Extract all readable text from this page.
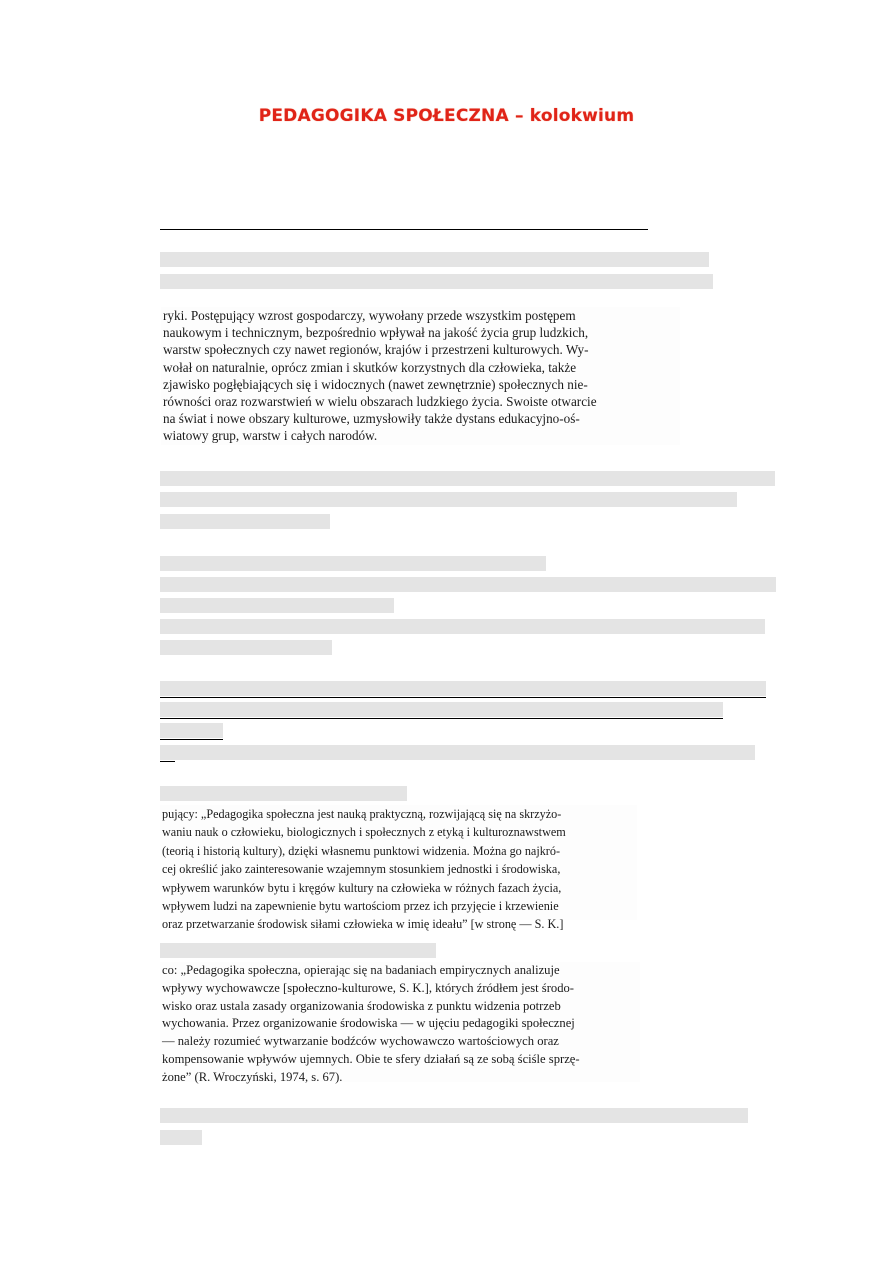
PEDAGOGIKA SPOŁECZNA – kolokwium

ryki. Postępujący wzrost gospodarczy, wywołany przede wszystkim postępem

naukowym i technicznym, bezpośrednio wpływał na jakość życia grup ludzkich,

warstw społecznych czy nawet regionów, krajów i przestrzeni kulturowych. Wy-

wołał on naturalnie, oprócz zmian i skutków korzystnych dla człowieka, także

zjawisko pogłębiających się i widocznych (nawet zewnętrznie) społecznych nie-

równości oraz rozwarstwień w wielu obszarach ludzkiego życia. Swoiste otwarcie

na świat i nowe obszary kulturowe, uzmysłowiły także dystans edukacyjno-oś-

wiatowy grup, warstw i całych narodów.

pujący: „Pedagogika społeczna jest nauką praktyczną, rozwijającą się na skrzyżo-

waniu nauk o człowieku, biologicznych i społecznych z etyką i kulturoznawstwem

(teorią i historią kultury), dzięki własnemu punktowi widzenia. Można go najkró-

cej określić jako zainteresowanie wzajemnym stosunkiem jednostki i środowiska,

wpływem warunków bytu i kręgów kultury na człowieka w różnych fazach życia,

wpływem ludzi na zapewnienie bytu wartościom przez ich przyjęcie i krzewienie

oraz przetwarzanie środowisk siłami człowieka w imię ideału” [w stronę — S. K.]

co: „Pedagogika społeczna, opierając się na badaniach empirycznych analizuje

wpływy wychowawcze [społeczno-kulturowe, S. K.], których źródłem jest środo-

wisko oraz ustala zasady organizowania środowiska z punktu widzenia potrzeb

wychowania. Przez organizowanie środowiska — w ujęciu pedagogiki społecznej

— należy rozumieć wytwarzanie bodźców wychowawczo wartościowych oraz

kompensowanie wpływów ujemnych. Obie te sfery działań są ze sobą ściśle sprzę-

żone” (R. Wroczyński, 1974, s. 67).
